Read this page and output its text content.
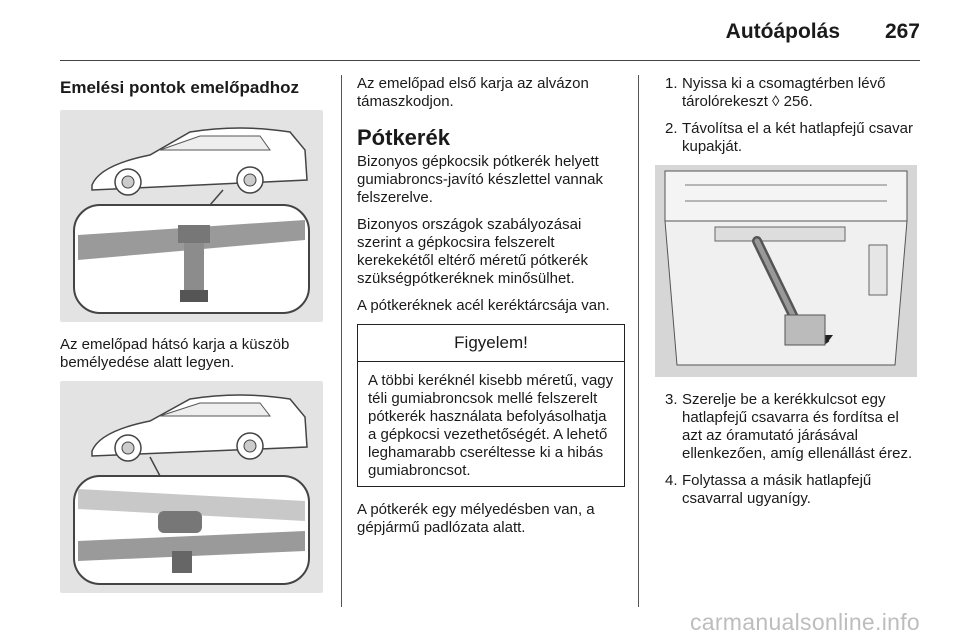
Autóápolás 267
Emelési pontok emelőpadhoz

Az emelőpad hátsó karja a küszöb bemélyedése alatt legyen.

Az emelőpad első karja az alvázon támaszkodjon.

Pótkerék

Bizonyos gépkocsik pótkerék helyett gumiabroncs-javító készlettel vannak felszerelve.

Bizonyos országok szabályozásai szerint a gépkocsira felszerelt kerekekétől eltérő méretű pótkerék szükségpótkeréknek minősülhet.

A pótkeréknek acél keréktárcsája van.

Figyelem!
A többi keréknél kisebb méretű, vagy téli gumiabroncsok mellé felszerelt pótkerék használata befolyásolhatja a gépkocsi vezethetőségét. A lehető leghamarabb cseréltesse ki a hibás gumiabroncsot.

A pótkerék egy mélyedésben van, a gépjármű padlózata alatt.

1. Nyissa ki a csomagtérben lévő tárolórekeszt ◊ 256.
2. Távolítsa el a két hatlapfejű csavar kupakját.
3. Szerelje be a kerékkulcsot egy hatlapfejű csavarra és fordítsa el azt az óramutató járásával ellenkezően, amíg ellenállást érez.
4. Folytassa a másik hatlapfejű csavarral ugyanígy.
carmanualsonline.info
